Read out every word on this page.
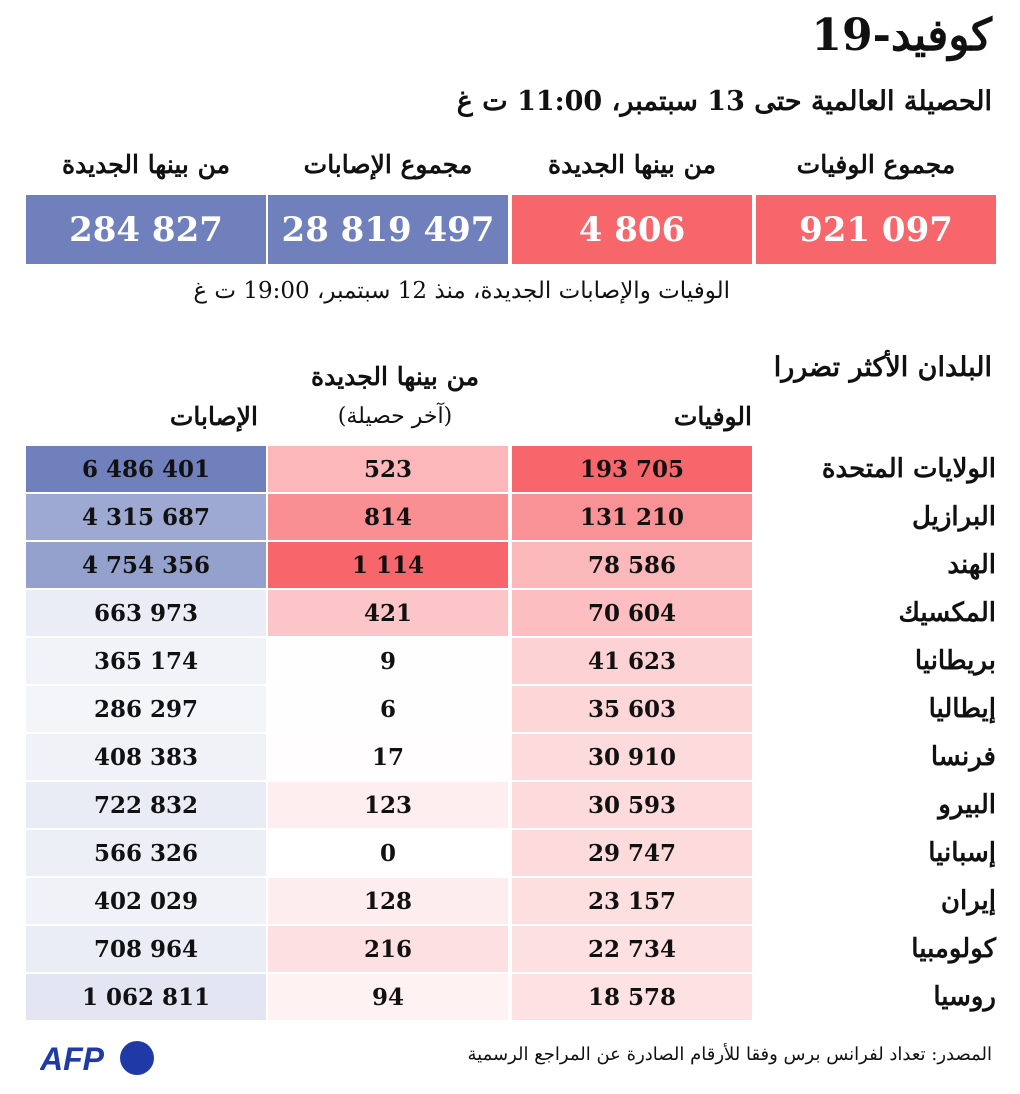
كوفيد-19
الحصيلة العالمية حتى 13 سبتمبر، 11:00 ت غ
مجموع الوفيات
من بينها الجديدة
مجموع الإصابات
من بينها الجديدة
921 097
4 806
28 819 497
284 827
الوفيات والإصابات الجديدة، منذ 12 سبتمبر، 19:00 ت غ
البلدان الأكثر تضررا
من بينها الجديدة
(آخر حصيلة)	الوفيات
الإصابات
الولايات المتحدة
193 705
523
6 486 401
البرازيل
131 210
814
4 315 687
الهند
78 586
1 114
4 754 356
المكسيك
70 604
421
663 973
بريطانيا
41 623
9
365 174
إيطاليا
35 603
6
286 297
فرنسا
30 910
17
408 383
البيرو
30 593
123
722 832
إسبانيا
29 747
0
566 326
إيران
23 157
128
402 029
كولومبيا
22 734
216
708 964
روسيا
18 578
94
1 062 811
المصدر: تعداد لفرانس برس وفقا للأرقام الصادرة عن المراجع الرسمية
AFP
